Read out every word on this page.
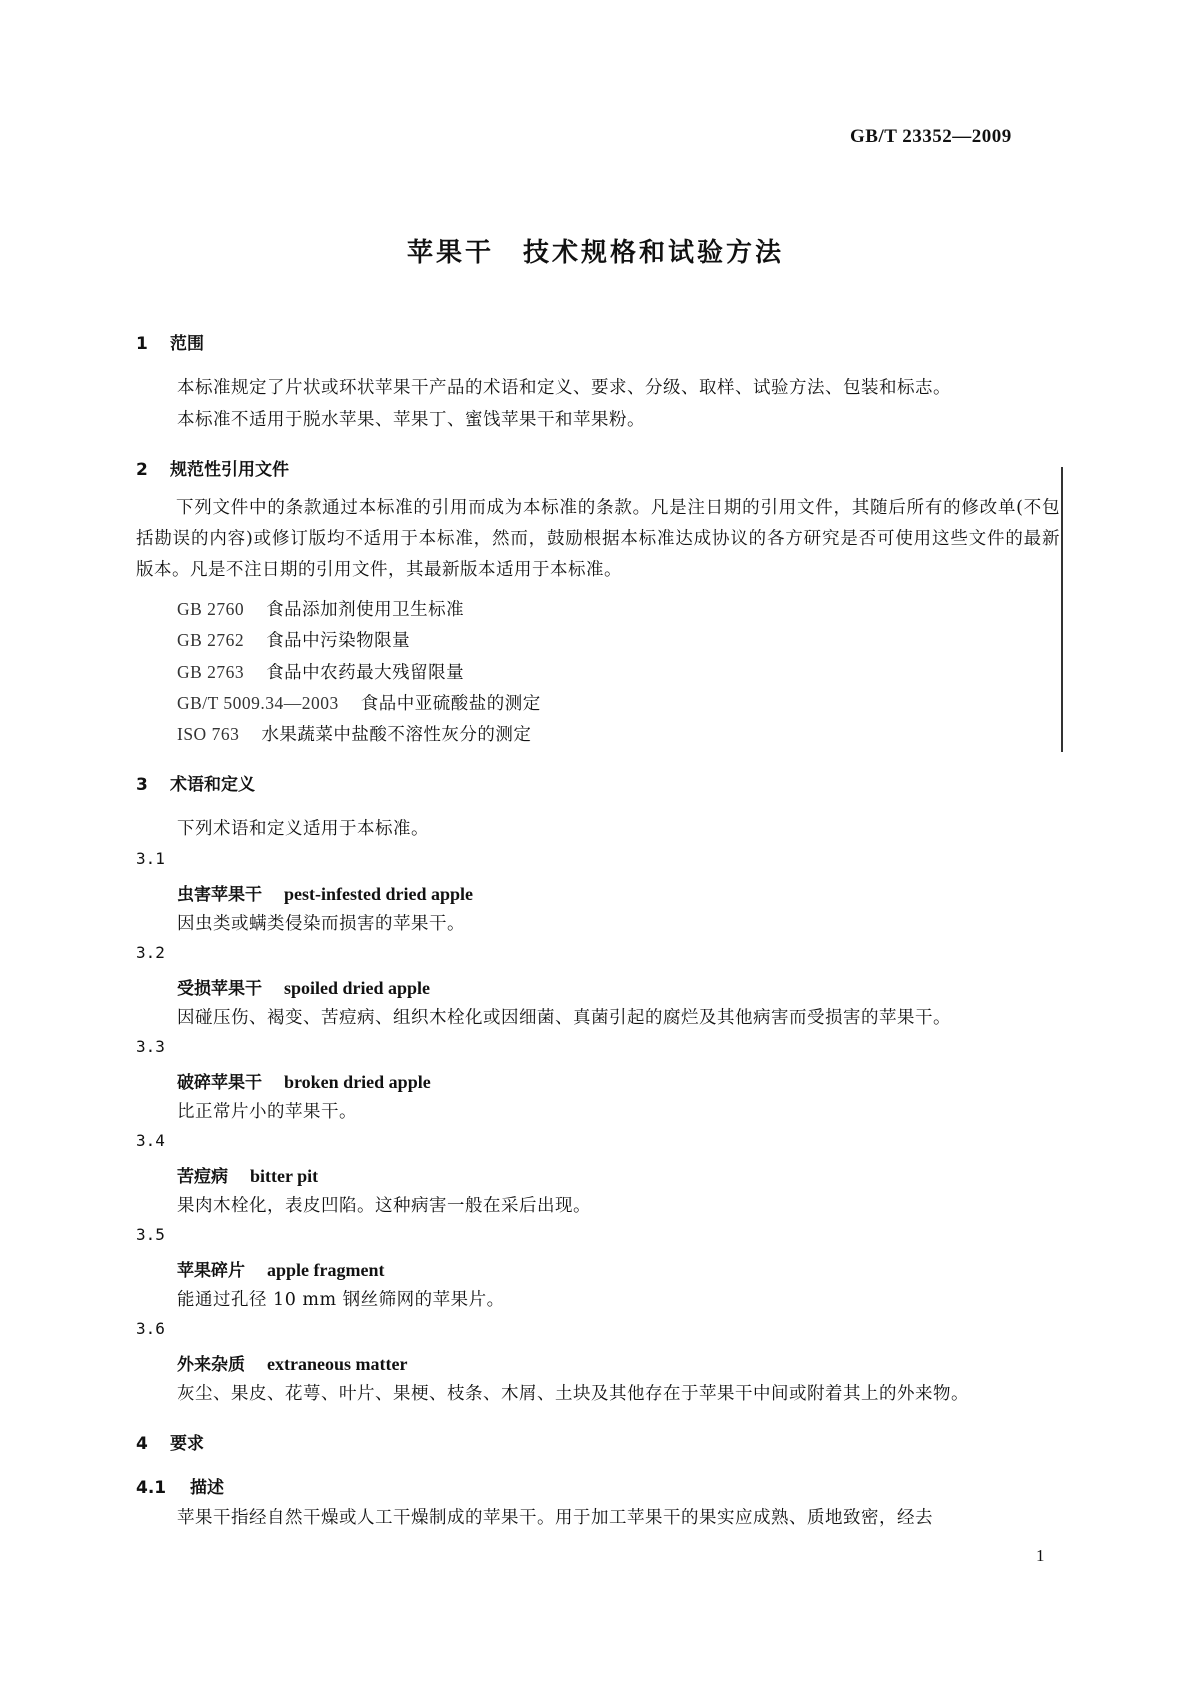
GB/T 23352—2009
苹果干　技术规格和试验方法
1 范围
本标准规定了片状或环状苹果干产品的术语和定义、要求、分级、取样、试验方法、包装和标志。
本标准不适用于脱水苹果、苹果丁、蜜饯苹果干和苹果粉。
2 规范性引用文件
下列文件中的条款通过本标准的引用而成为本标准的条款。凡是注日期的引用文件，其随后所有的修改单(不包括勘误的内容)或修订版均不适用于本标准，然而，鼓励根据本标准达成协议的各方研究是否可使用这些文件的最新版本。凡是不注日期的引用文件，其最新版本适用于本标准。
GB 2760 食品添加剂使用卫生标准
GB 2762 食品中污染物限量
GB 2763 食品中农药最大残留限量
GB/T 5009.34—2003 食品中亚硫酸盐的测定
ISO 763 水果蔬菜中盐酸不溶性灰分的测定
3 术语和定义
下列术语和定义适用于本标准。
3.1
虫害苹果干 pest-infested dried apple
因虫类或螨类侵染而损害的苹果干。
3.2
受损苹果干 spoiled dried apple
因碰压伤、褐变、苦痘病、组织木栓化或因细菌、真菌引起的腐烂及其他病害而受损害的苹果干。
3.3
破碎苹果干 broken dried apple
比正常片小的苹果干。
3.4
苦痘病 bitter pit
果肉木栓化，表皮凹陷。这种病害一般在采后出现。
3.5
苹果碎片 apple fragment
能通过孔径 10 mm 钢丝筛网的苹果片。
3.6
外来杂质 extraneous matter
灰尘、果皮、花萼、叶片、果梗、枝条、木屑、土块及其他存在于苹果干中间或附着其上的外来物。
4 要求
4.1 描述
苹果干指经自然干燥或人工干燥制成的苹果干。用于加工苹果干的果实应成熟、质地致密，经去
1
